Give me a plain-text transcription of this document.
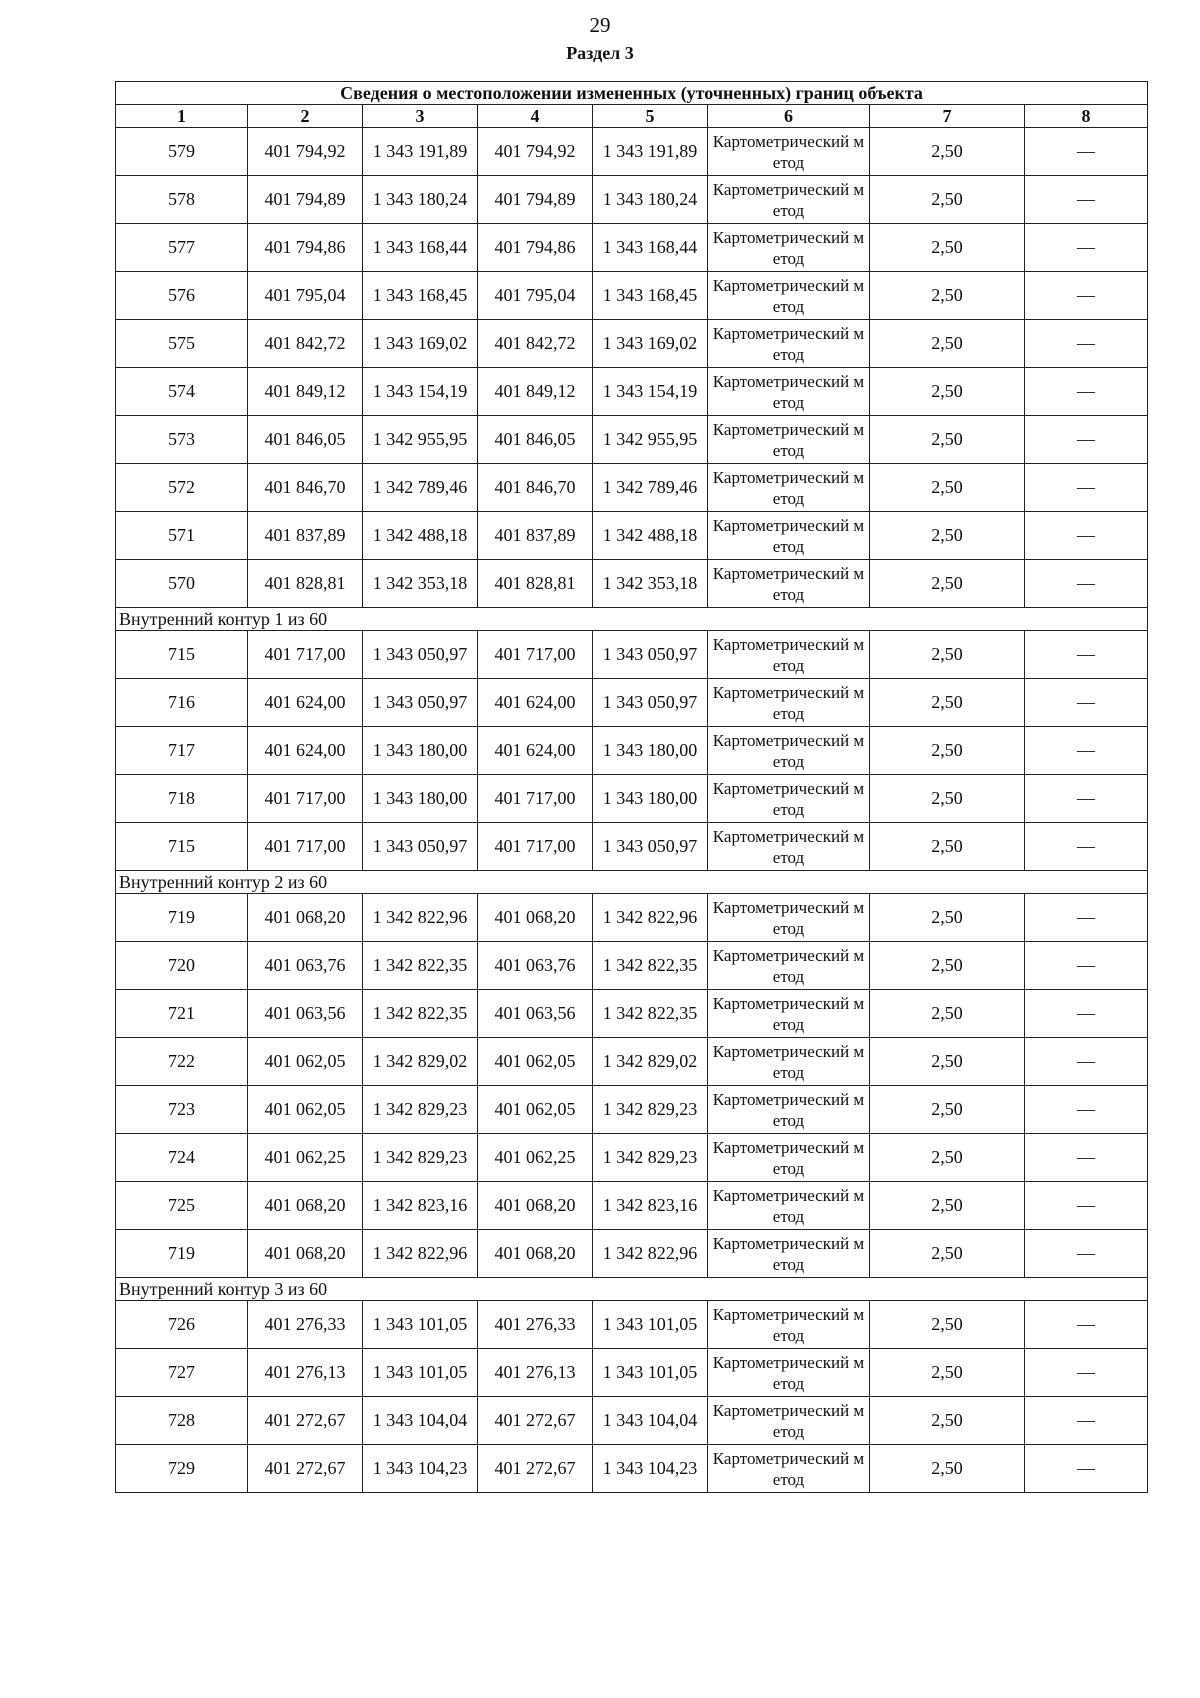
29
Раздел 3
Сведения о местоположении измененных (уточненных) границ объекта							
1	2	3	4	5	6	7	8
579	401 794,92	1 343 191,89	401 794,92	1 343 191,89	Картометрический метод	2,50	—
578	401 794,89	1 343 180,24	401 794,89	1 343 180,24	Картометрический метод	2,50	—
577	401 794,86	1 343 168,44	401 794,86	1 343 168,44	Картометрический метод	2,50	—
576	401 795,04	1 343 168,45	401 795,04	1 343 168,45	Картометрический метод	2,50	—
575	401 842,72	1 343 169,02	401 842,72	1 343 169,02	Картометрический метод	2,50	—
574	401 849,12	1 343 154,19	401 849,12	1 343 154,19	Картометрический метод	2,50	—
573	401 846,05	1 342 955,95	401 846,05	1 342 955,95	Картометрический метод	2,50	—
572	401 846,70	1 342 789,46	401 846,70	1 342 789,46	Картометрический метод	2,50	—
571	401 837,89	1 342 488,18	401 837,89	1 342 488,18	Картометрический метод	2,50	—
570	401 828,81	1 342 353,18	401 828,81	1 342 353,18	Картометрический метод	2,50	—
Внутренний контур 1 из 60							
715	401 717,00	1 343 050,97	401 717,00	1 343 050,97	Картометрический метод	2,50	—
716	401 624,00	1 343 050,97	401 624,00	1 343 050,97	Картометрический метод	2,50	—
717	401 624,00	1 343 180,00	401 624,00	1 343 180,00	Картометрический метод	2,50	—
718	401 717,00	1 343 180,00	401 717,00	1 343 180,00	Картометрический метод	2,50	—
715	401 717,00	1 343 050,97	401 717,00	1 343 050,97	Картометрический метод	2,50	—
Внутренний контур 2 из 60							
719	401 068,20	1 342 822,96	401 068,20	1 342 822,96	Картометрический метод	2,50	—
720	401 063,76	1 342 822,35	401 063,76	1 342 822,35	Картометрический метод	2,50	—
721	401 063,56	1 342 822,35	401 063,56	1 342 822,35	Картометрический метод	2,50	—
722	401 062,05	1 342 829,02	401 062,05	1 342 829,02	Картометрический метод	2,50	—
723	401 062,05	1 342 829,23	401 062,05	1 342 829,23	Картометрический метод	2,50	—
724	401 062,25	1 342 829,23	401 062,25	1 342 829,23	Картометрический метод	2,50	—
725	401 068,20	1 342 823,16	401 068,20	1 342 823,16	Картометрический метод	2,50	—
719	401 068,20	1 342 822,96	401 068,20	1 342 822,96	Картометрический метод	2,50	—
Внутренний контур 3 из 60							
726	401 276,33	1 343 101,05	401 276,33	1 343 101,05	Картометрический метод	2,50	—
727	401 276,13	1 343 101,05	401 276,13	1 343 101,05	Картометрический метод	2,50	—
728	401 272,67	1 343 104,04	401 272,67	1 343 104,04	Картометрический метод	2,50	—
729	401 272,67	1 343 104,23	401 272,67	1 343 104,23	Картометрический метод	2,50	—
